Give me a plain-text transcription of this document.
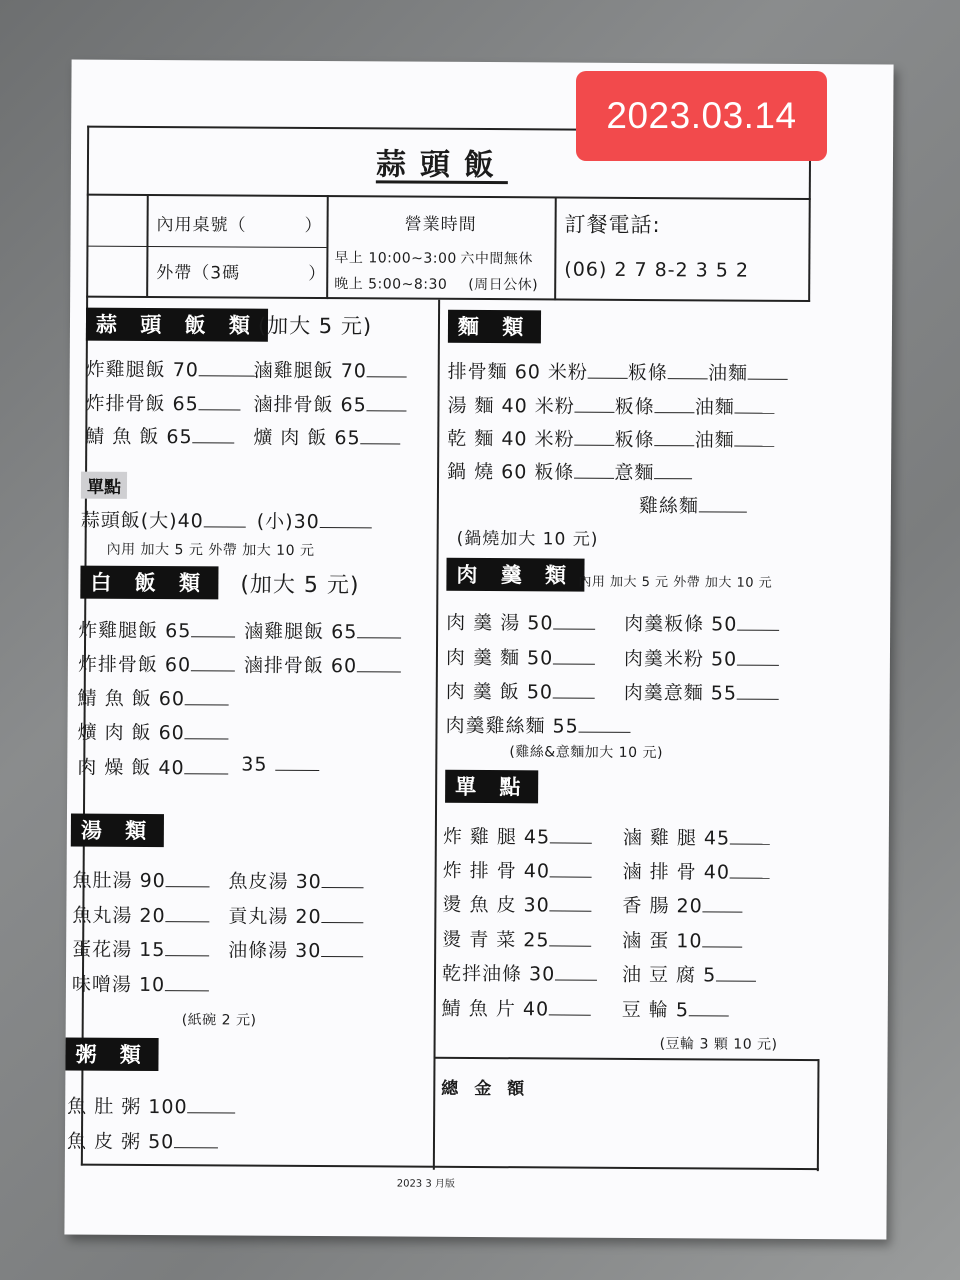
蒜頭飯
內用桌號（	）
外帶（3碼	）
營業時間
早上 10:00~3:00 六中間無休
晚上 5:00~8:30 (周日公休)
訂餐電話:
(06) 2 7 8-2 3 5 2
蒜 頭 飯 類 (加大 5 元)
炸雞腿飯 70	滷雞腿飯 70
炸排骨飯 65	滷排骨飯 65
鯖 魚 飯 65	爌 肉 飯 65
單點
蒜頭飯(大)40	(小)30
內用 加大 5 元 外帶 加大 10 元
白 飯 類	(加大 5 元)
炸雞腿飯 65	滷雞腿飯 65
炸排骨飯 60	滷排骨飯 60
鯖 魚 飯 60
爌 肉 飯 60
肉 燥 飯 40	35
湯 類
魚肚湯 90	魚皮湯 30
魚丸湯 20	貢丸湯 20
蛋花湯 15	油條湯 30
味噌湯 10
(紙碗 2 元)
粥 類
魚 肚 粥 100
魚 皮 粥 50
麵 類
排骨麵 60 米粉 粄條 油麵
湯 麵 40 米粉 粄條 油麵
乾 麵 40 米粉 粄條 油麵
鍋 燒 60 粄條 意麵
雞絲麵
(鍋燒加大 10 元)
肉 羹 類 內用 加大 5 元 外帶 加大 10 元
肉 羹 湯 50	肉羹粄條 50
肉 羹 麵 50	肉羹米粉 50
肉 羹 飯 50	肉羹意麵 55
肉羹雞絲麵 55
(雞絲&意麵加大 10 元)
單 點
炸 雞 腿 45	滷 雞 腿 45
炸 排 骨 40	滷 排 骨 40
燙 魚 皮 30	香 腸 20
燙 青 菜 25	滷 蛋 10
乾拌油條 30	油 豆 腐 5
鯖 魚 片 40	豆 輪 5
(豆輪 3 顆 10 元)
總 金 額
2023 3 月版
2023.03.14
